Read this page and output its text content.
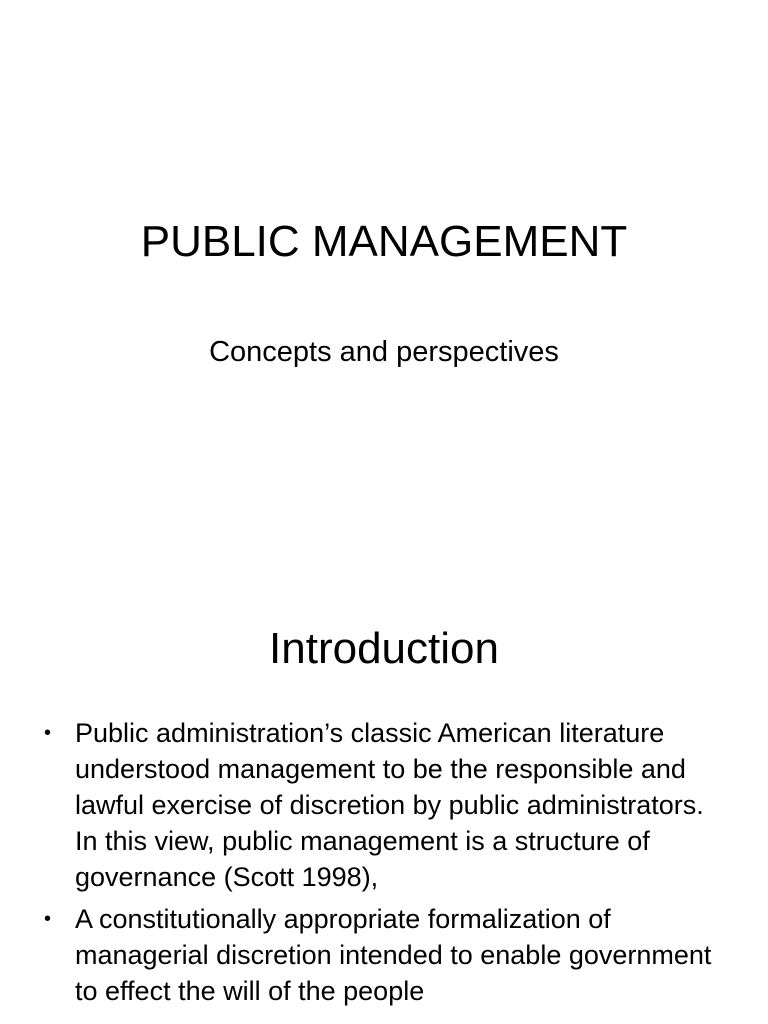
PUBLIC MANAGEMENT

Concepts and perspectives

Introduction
• Public administration’s classic American literature understood management to be the responsible and lawful exercise of discretion by public administrators. In this view, public management is a structure of governance (Scott 1998),
• A constitutionally appropriate formalization of managerial discretion intended to enable government to effect the will of the people
